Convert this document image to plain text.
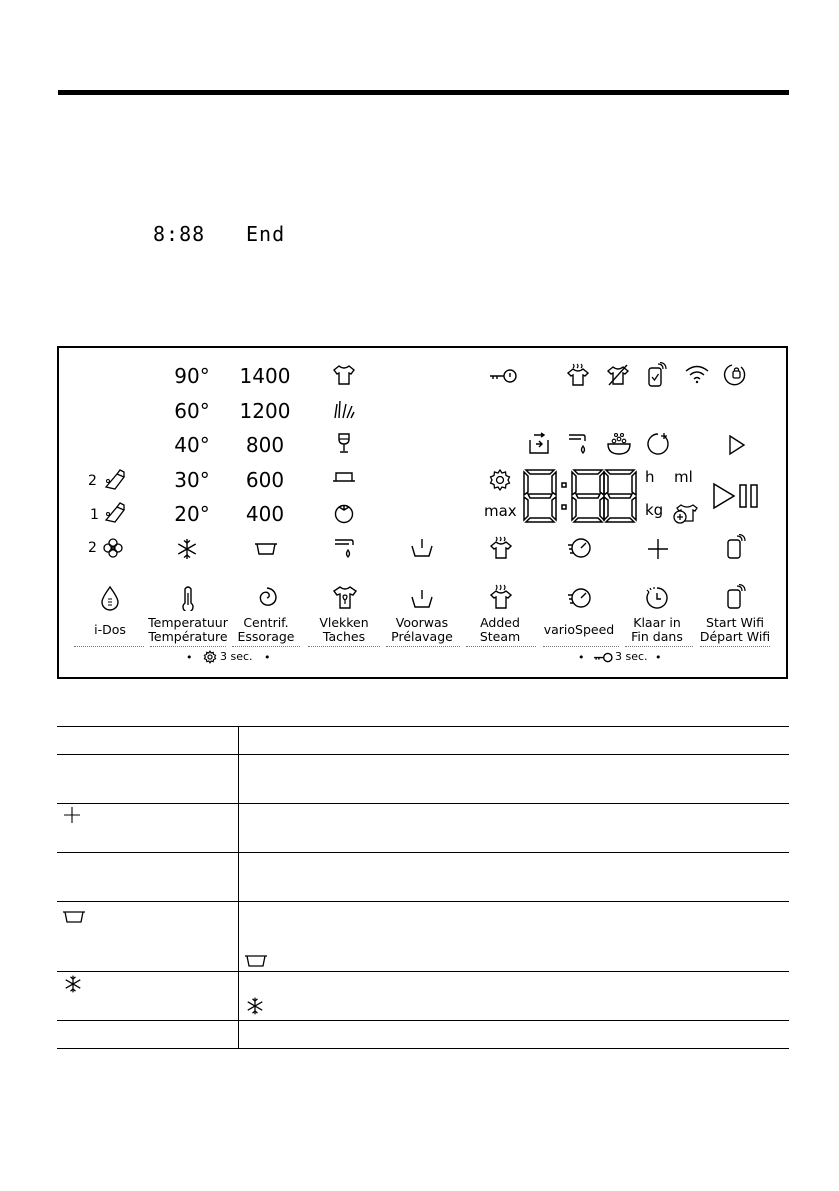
8:88 End
90°
60°
40°
30°
20°
1400
1200
800
600
400
2
1
2
max
h ml
kg
i-Dos	Temperatuur
Température
Centrif.
Essorage
Vlekken
Taches
Voorwas
Prélavage
Added
Steam	varioSpeed	Klaar in
Fin dans
Start Wifi
Départ Wifi
•	3 sec. •	•	3 sec. •
